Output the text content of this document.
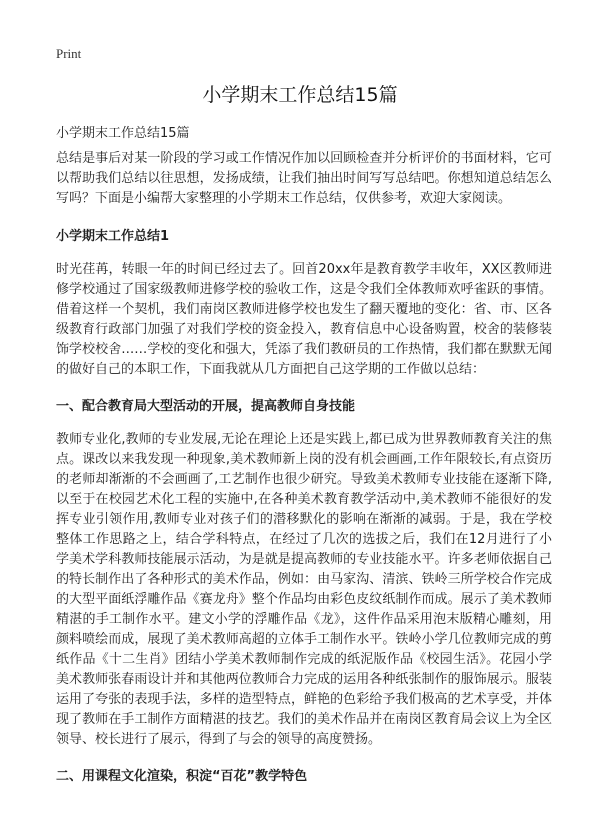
Print
小学期末工作总结15篇

小学期末工作总结15篇

总结是事后对某一阶段的学习或工作情况作加以回顾检查并分析评价的书面材料，它可以帮助我们总结以往思想，发扬成绩，让我们抽出时间写写总结吧。你想知道总结怎么写吗？下面是小编帮大家整理的小学期末工作总结，仅供参考，欢迎大家阅读。

小学期末工作总结1

时光荏苒，转眼一年的时间已经过去了。回首20xx年是教育教学丰收年，XX区教师进修学校通过了国家级教师进修学校的验收工作，这是令我们全体教师欢呼雀跃的事情。借着这样一个契机，我们南岗区教师进修学校也发生了翻天覆地的变化：省、市、区各级教育行政部门加强了对我们学校的资金投入，教育信息中心设备购置，校舍的装修装饰学校校舍……学校的变化和强大，凭添了我们教研员的工作热情，我们都在默默无闻的做好自己的本职工作，下面我就从几方面把自己这学期的工作做以总结：

一、配合教育局大型活动的开展，提高教师自身技能

教师专业化,教师的专业发展,无论在理论上还是实践上,都已成为世界教师教育关注的焦点。课改以来我发现一种现象,美术教师新上岗的没有机会画画,工作年限较长,有点资历的老师却渐渐的不会画画了,工艺制作也很少研究。导致美术教师专业技能在逐渐下降,以至于在校园艺术化工程的实施中,在各种美术教育教学活动中,美术教师不能很好的发挥专业引领作用,教师专业对孩子们的潜移默化的影响在渐渐的减弱。于是，我在学校整体工作思路之上，结合学科特点，在经过了几次的选拔之后，我们在12月进行了小学美术学科教师技能展示活动，为是就是提高教师的专业技能水平。许多老师依据自己的特长制作出了各种形式的美术作品，例如：由马家沟、清滨、铁岭三所学校合作完成的大型平面纸浮雕作品《赛龙舟》整个作品均由彩色皮纹纸制作而成。展示了美术教师精湛的手工制作水平。建文小学的浮雕作品《龙》，这件作品采用泡末版精心雕刻，用颜料喷绘而成，展现了美术教师高超的立体手工制作水平。铁岭小学几位教师完成的剪纸作品《十二生肖》团结小学美术教师制作完成的纸泥版作品《校园生活》。花园小学美术教师张春雨设计并和其他两位教师合力完成的运用各种纸张制作的服饰展示。服装运用了夸张的表现手法，多样的造型特点，鲜艳的色彩给予我们极高的艺术享受，并体现了教师在手工制作方面精湛的技艺。我们的美术作品并在南岗区教育局会议上为全区领导、校长进行了展示，得到了与会的领导的高度赞扬。

二、用课程文化渲染，积淀“百花”教学特色
